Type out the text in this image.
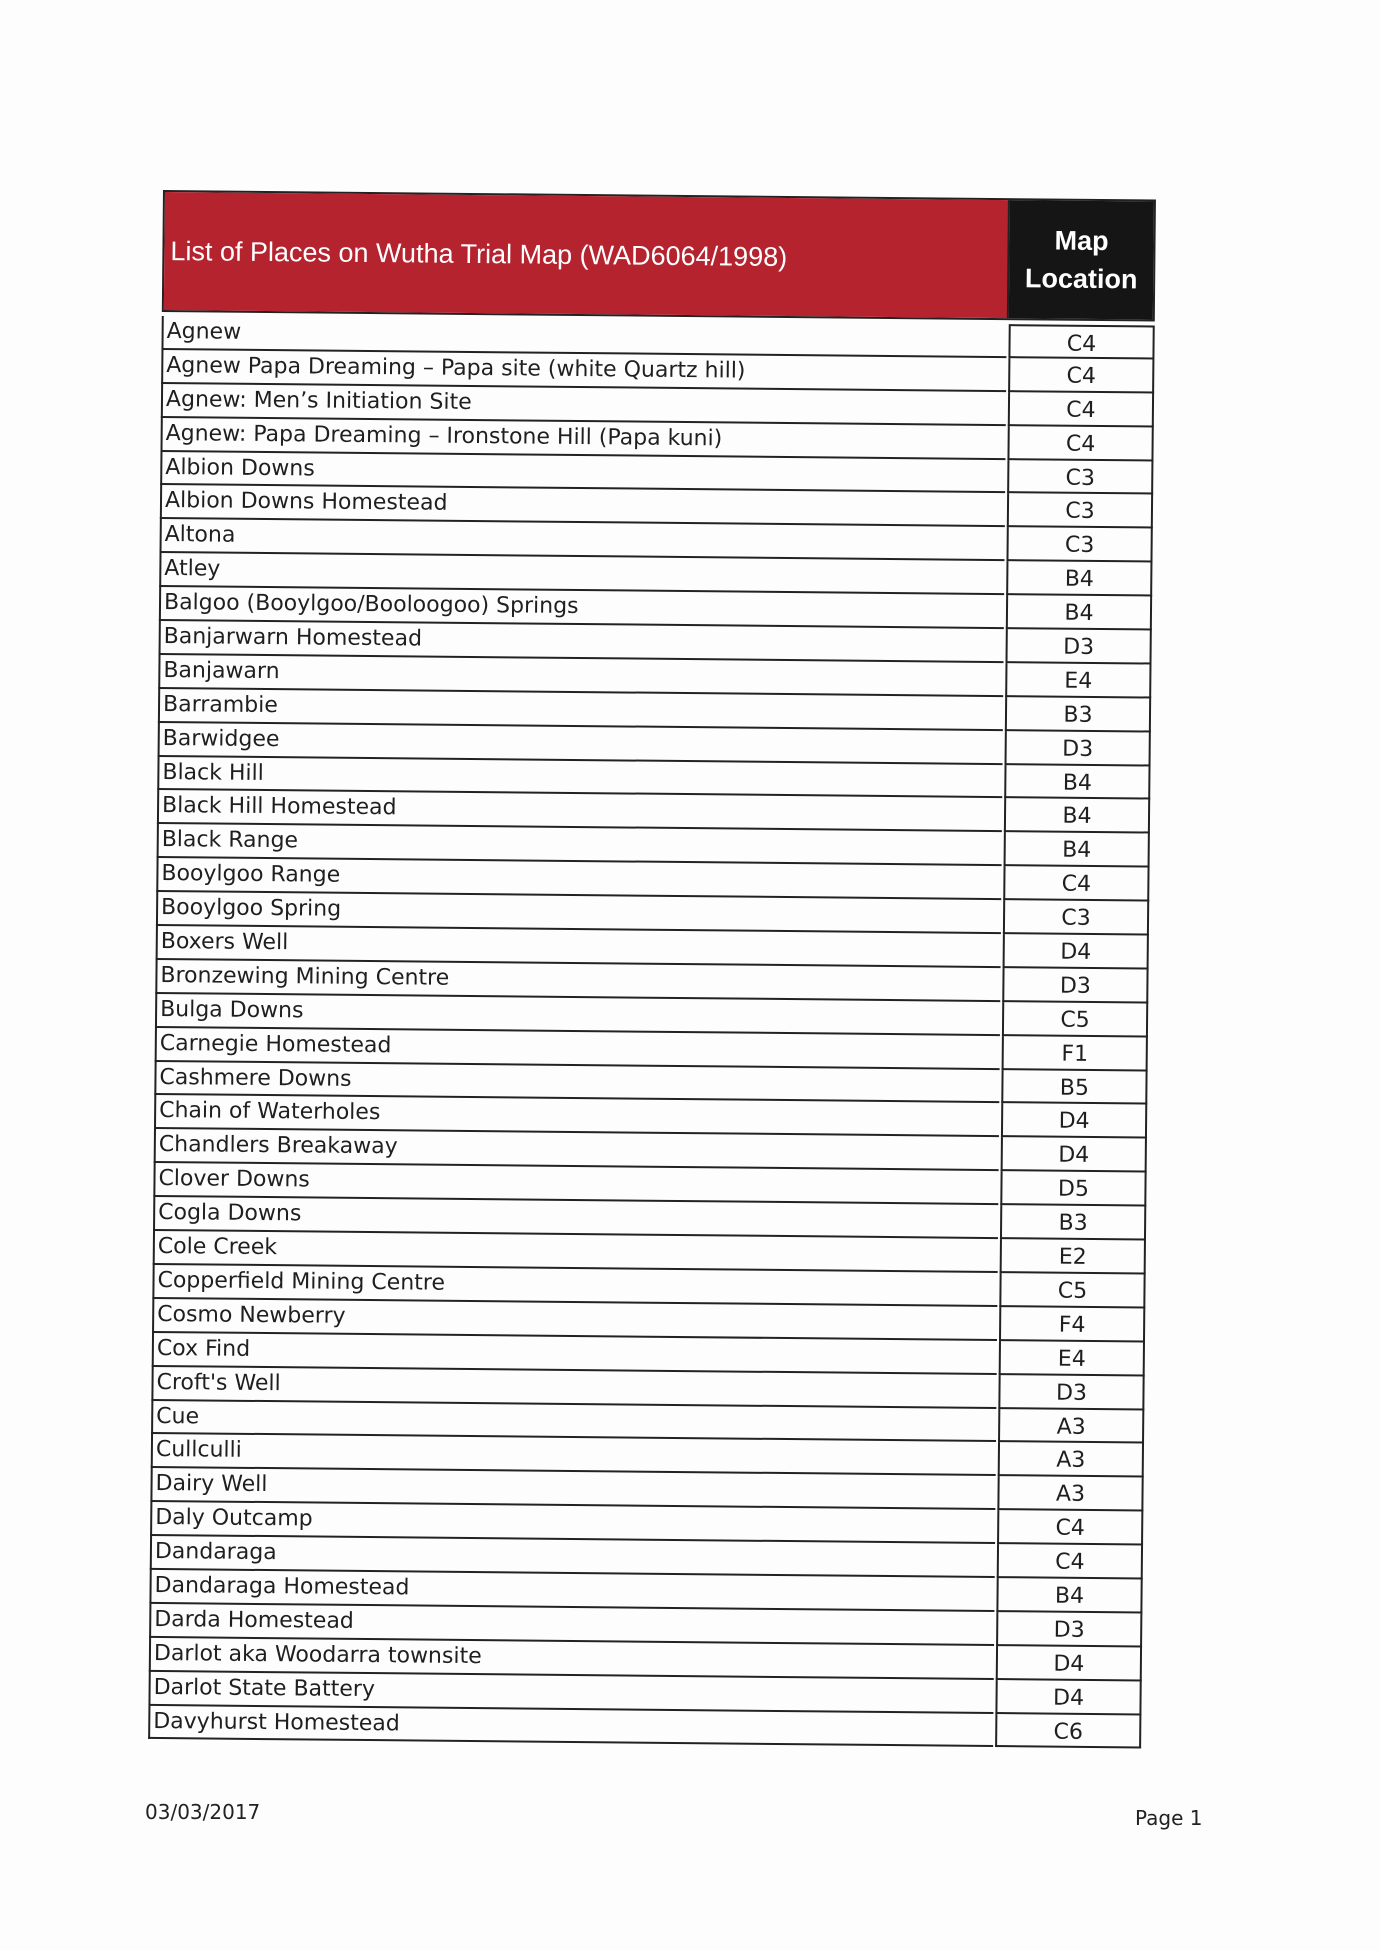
List of Places on Wutha Trial Map (WAD6064/1998)	Map
Location
Agnew	C4
Agnew Papa Dreaming – Papa site (white Quartz hill)	C4
Agnew: Men’s Initiation Site	C4
Agnew: Papa Dreaming – Ironstone Hill (Papa kuni)	C4
Albion Downs	C3
Albion Downs Homestead	C3
Altona	C3
Atley	B4
Balgoo (Booylgoo/Booloogoo) Springs	B4
Banjarwarn Homestead	D3
Banjawarn	E4
Barrambie	B3
Barwidgee	D3
Black Hill	B4
Black Hill Homestead	B4
Black Range	B4
Booylgoo Range	C4
Booylgoo Spring	C3
Boxers Well	D4
Bronzewing Mining Centre	D3
Bulga Downs	C5
Carnegie Homestead	F1
Cashmere Downs	B5
Chain of Waterholes	D4
Chandlers Breakaway	D4
Clover Downs	D5
Cogla Downs	B3
Cole Creek	E2
Copperfield Mining Centre	C5
Cosmo Newberry	F4
Cox Find	E4
Croft's Well	D3
Cue	A3
Cullculli	A3
Dairy Well	A3
Daly Outcamp	C4
Dandaraga	C4
Dandaraga Homestead	B4
Darda Homestead	D3
Darlot aka Woodarra townsite	D4
Darlot State Battery	D4
Davyhurst Homestead	C6
03/03/2017	Page 1
